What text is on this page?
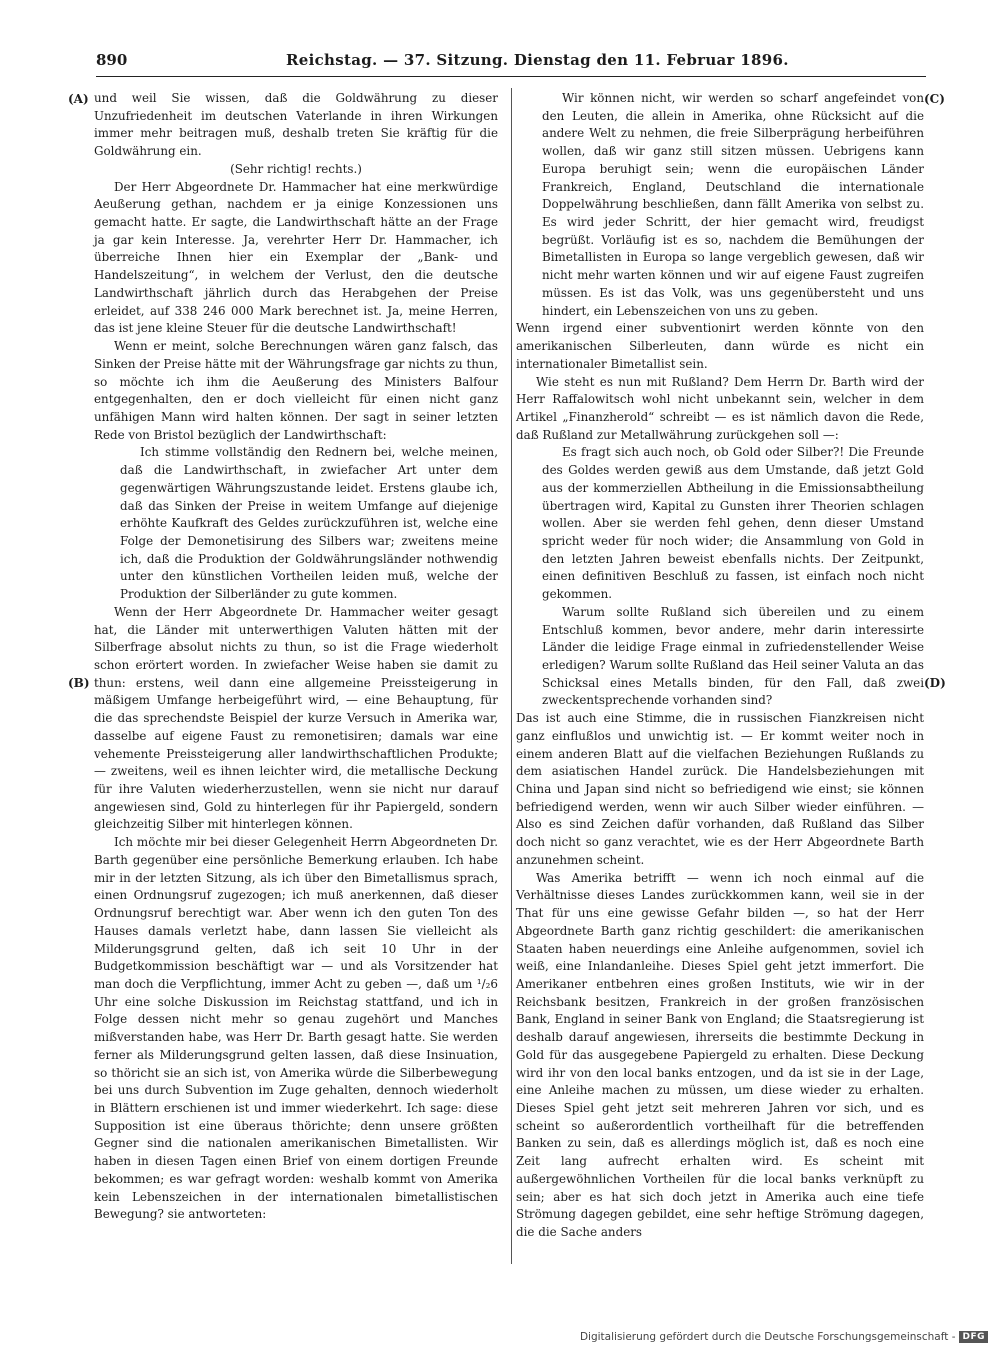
890	Reichstag. — 37. Sitzung. Dienstag den 11. Februar 1896.
(A)
(B)
(C)
(D)

und weil Sie wissen, daß die Goldwährung zu dieser Unzufriedenheit im deutschen Vaterlande in ihren Wirkungen immer mehr beitragen muß, deshalb treten Sie kräftig für die Goldwährung ein.

(Sehr richtig! rechts.)

Der Herr Abgeordnete Dr. Hammacher hat eine merkwürdige Aeußerung gethan, nachdem er ja einige Konzessionen uns gemacht hatte. Er sagte, die Landwirthschaft hätte an der Frage ja gar kein Interesse. Ja, verehrter Herr Dr. Hammacher, ich überreiche Ihnen hier ein Exemplar der „Bank- und Handelszeitung“, in welchem der Verlust, den die deutsche Landwirthschaft jährlich durch das Herabgehen der Preise erleidet, auf 338 246 000 Mark berechnet ist. Ja, meine Herren, das ist jene kleine Steuer für die deutsche Landwirthschaft!

Wenn er meint, solche Berechnungen wären ganz falsch, das Sinken der Preise hätte mit der Währungsfrage gar nichts zu thun, so möchte ich ihm die Aeußerung des Ministers Balfour entgegenhalten, den er doch vielleicht für einen nicht ganz unfähigen Mann wird halten können. Der sagt in seiner letzten Rede von Bristol bezüglich der Landwirthschaft:

Ich stimme vollständig den Rednern bei, welche meinen, daß die Landwirthschaft, in zwiefacher Art unter dem gegenwärtigen Währungszustande leidet. Erstens glaube ich, daß das Sinken der Preise in weitem Umfange auf diejenige erhöhte Kaufkraft des Geldes zurückzuführen ist, welche eine Folge der Demonetisirung des Silbers war; zweitens meine ich, daß die Produktion der Goldwährungsländer nothwendig unter den künstlichen Vortheilen leiden muß, welche der Produktion der Silberländer zu gute kommen.

Wenn der Herr Abgeordnete Dr. Hammacher weiter gesagt hat, die Länder mit unterwerthigen Valuten hätten mit der Silberfrage absolut nichts zu thun, so ist die Frage wiederholt schon erörtert worden. In zwiefacher Weise haben sie damit zu thun: erstens, weil dann eine allgemeine Preissteigerung in mäßigem Umfange herbeigeführt wird, — eine Behauptung, für die das sprechendste Beispiel der kurze Versuch in Amerika war, dasselbe auf eigene Faust zu remonetisiren; damals war eine vehemente Preissteigerung aller landwirthschaftlichen Produkte; — zweitens, weil es ihnen leichter wird, die metallische Deckung für ihre Valuten wiederherzustellen, wenn sie nicht nur darauf angewiesen sind, Gold zu hinterlegen für ihr Papiergeld, sondern gleichzeitig Silber mit hinterlegen können.

Ich möchte mir bei dieser Gelegenheit Herrn Abgeordneten Dr. Barth gegenüber eine persönliche Bemerkung erlauben. Ich habe mir in der letzten Sitzung, als ich über den Bimetallismus sprach, einen Ordnungsruf zugezogen; ich muß anerkennen, daß dieser Ordnungsruf berechtigt war. Aber wenn ich den guten Ton des Hauses damals verletzt habe, dann lassen Sie vielleicht als Milderungsgrund gelten, daß ich seit 10 Uhr in der Budgetkommission beschäftigt war — und als Vorsitzender hat man doch die Verpflichtung, immer Acht zu geben —, daß um ¹/₂6 Uhr eine solche Diskussion im Reichstag stattfand, und ich in Folge dessen nicht mehr so genau zugehört und Manches mißverstanden habe, was Herr Dr. Barth gesagt hatte. Sie werden ferner als Milderungsgrund gelten lassen, daß diese Insinuation, so thöricht sie an sich ist, von Amerika würde die Silberbewegung bei uns durch Subvention im Zuge gehalten, dennoch wiederholt in Blättern erschienen ist und immer wiederkehrt. Ich sage: diese Supposition ist eine überaus thörichte; denn unsere größten Gegner sind die nationalen amerikanischen Bimetallisten. Wir haben in diesen Tagen einen Brief von einem dortigen Freunde bekommen; es war gefragt worden: weshalb kommt von Amerika kein Lebenszeichen in der internationalen bimetallistischen Bewegung? sie antworteten:

Wir können nicht, wir werden so scharf angefeindet von den Leuten, die allein in Amerika, ohne Rücksicht auf die andere Welt zu nehmen, die freie Silberprägung herbeiführen wollen, daß wir ganz still sitzen müssen. Uebrigens kann Europa beruhigt sein; wenn die europäischen Länder Frankreich, England, Deutschland die internationale Doppelwährung beschließen, dann fällt Amerika von selbst zu. Es wird jeder Schritt, der hier gemacht wird, freudigst begrüßt. Vorläufig ist es so, nachdem die Bemühungen der Bimetallisten in Europa so lange vergeblich gewesen, daß wir nicht mehr warten können und wir auf eigene Faust zugreifen müssen. Es ist das Volk, was uns gegenübersteht und uns hindert, ein Lebenszeichen von uns zu geben.

Wenn irgend einer subventionirt werden könnte von den amerikanischen Silberleuten, dann würde es nicht ein internationaler Bimetallist sein.

Wie steht es nun mit Rußland? Dem Herrn Dr. Barth wird der Herr Raffalowitsch wohl nicht unbekannt sein, welcher in dem Artikel „Finanzherold“ schreibt — es ist nämlich davon die Rede, daß Rußland zur Metallwährung zurückgehen soll —:

Es fragt sich auch noch, ob Gold oder Silber?! Die Freunde des Goldes werden gewiß aus dem Umstande, daß jetzt Gold aus der kommerziellen Abtheilung in die Emissionsabtheilung übertragen wird, Kapital zu Gunsten ihrer Theorien schlagen wollen. Aber sie werden fehl gehen, denn dieser Umstand spricht weder für noch wider; die Ansammlung von Gold in den letzten Jahren beweist ebenfalls nichts. Der Zeitpunkt, einen definitiven Beschluß zu fassen, ist einfach noch nicht gekommen.

Warum sollte Rußland sich übereilen und zu einem Entschluß kommen, bevor andere, mehr darin interessirte Länder die leidige Frage einmal in zufriedenstellender Weise erledigen? Warum sollte Rußland das Heil seiner Valuta an das Schicksal eines Metalls binden, für den Fall, daß zwei zweckentsprechende vorhanden sind?

Das ist auch eine Stimme, die in russischen Fianzkreisen nicht ganz einflußlos und unwichtig ist. — Er kommt weiter noch in einem anderen Blatt auf die vielfachen Beziehungen Rußlands zu dem asiatischen Handel zurück. Die Handelsbeziehungen mit China und Japan sind nicht so befriedigend wie einst; sie können befriedigend werden, wenn wir auch Silber wieder einführen. — Also es sind Zeichen dafür vorhanden, daß Rußland das Silber doch nicht so ganz verachtet, wie es der Herr Abgeordnete Barth anzunehmen scheint.

Was Amerika betrifft — wenn ich noch einmal auf die Verhältnisse dieses Landes zurückkommen kann, weil sie in der That für uns eine gewisse Gefahr bilden —, so hat der Herr Abgeordnete Barth ganz richtig geschildert: die amerikanischen Staaten haben neuerdings eine Anleihe aufgenommen, soviel ich weiß, eine Inlandanleihe. Dieses Spiel geht jetzt immerfort. Die Amerikaner entbehren eines großen Instituts, wie wir in der Reichsbank besitzen, Frankreich in der großen französischen Bank, England in seiner Bank von England; die Staatsregierung ist deshalb darauf angewiesen, ihrerseits die bestimmte Deckung in Gold für das ausgegebene Papiergeld zu erhalten. Diese Deckung wird ihr von den local banks entzogen, und da ist sie in der Lage, eine Anleihe machen zu müssen, um diese wieder zu erhalten. Dieses Spiel geht jetzt seit mehreren Jahren vor sich, und es scheint so außerordentlich vortheilhaft für die betreffenden Banken zu sein, daß es allerdings möglich ist, daß es noch eine Zeit lang aufrecht erhalten wird. Es scheint mit außergewöhnlichen Vortheilen für die local banks verknüpft zu sein; aber es hat sich doch jetzt in Amerika auch eine tiefe Strömung dagegen gebildet, eine sehr heftige Strömung dagegen, die die Sache anders

Digitalisierung gefördert durch die Deutsche Forschungsgemeinschaft - DFG
